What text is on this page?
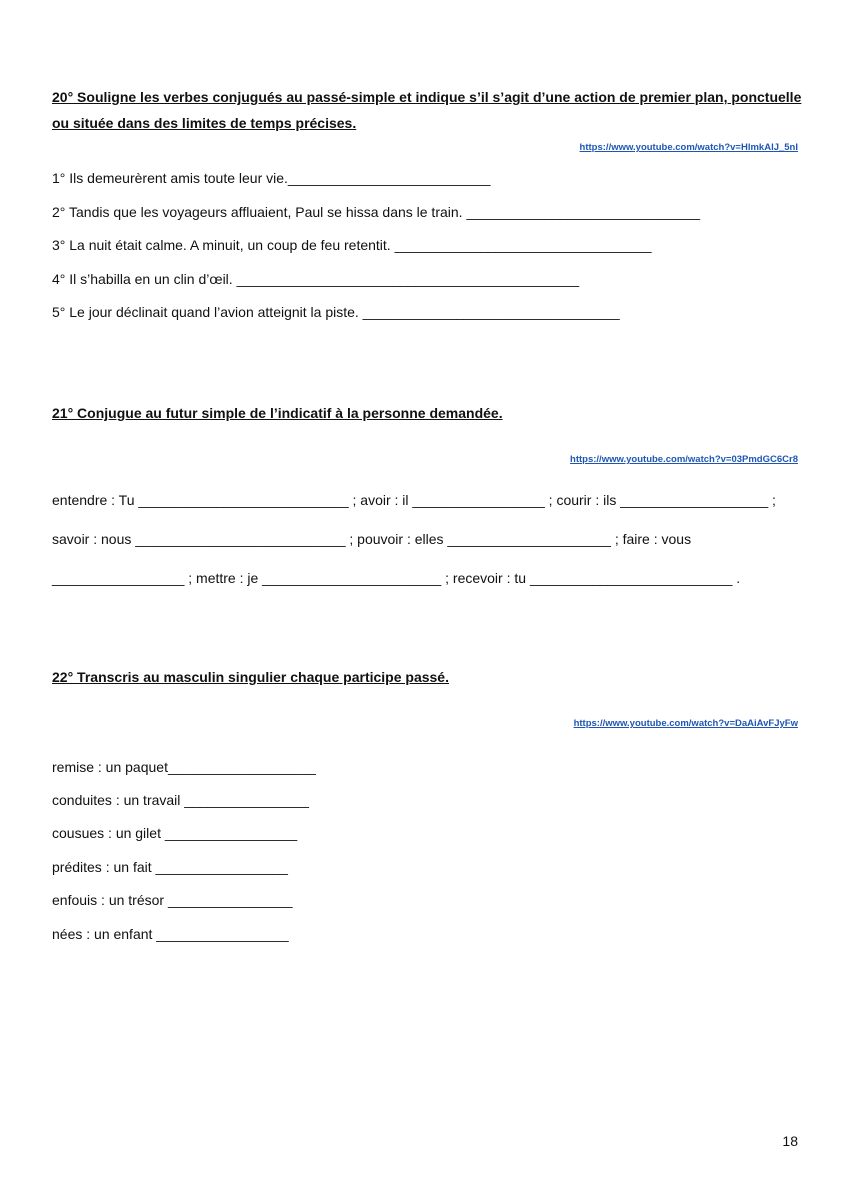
20° Souligne les verbes conjugués au passé-simple et indique s’il s’agit d’une action de premier plan, ponctuelle ou située dans des limites de temps précises.
https://www.youtube.com/watch?v=HlmkAlJ_5nI
1° Ils demeurèrent amis toute leur vie.__________________________
2° Tandis que les voyageurs affluaient, Paul se hissa dans le train. ______________________________
3° La nuit était calme. A minuit, un coup de feu retentit. _________________________________
4° Il s’habilla en un clin d’œil. ____________________________________________
5° Le jour déclinait quand l’avion atteignit la piste. _________________________________
21° Conjugue au futur simple de l’indicatif à la personne demandée.
https://www.youtube.com/watch?v=03PmdGC6Cr8
entendre : Tu ___________________________ ; avoir : il _________________ ; courir : ils ___________________ ;
savoir : nous ___________________________ ; pouvoir : elles _____________________ ; faire : vous
_________________ ; mettre : je _______________________ ; recevoir : tu __________________________ .
22° Transcris au masculin singulier chaque participe passé.
https://www.youtube.com/watch?v=DaAiAvFJyFw
remise : un paquet___________________
conduites : un travail ________________
cousues : un gilet _________________
prédites : un fait _________________
enfouis : un trésor ________________
nées : un enfant _________________
18
